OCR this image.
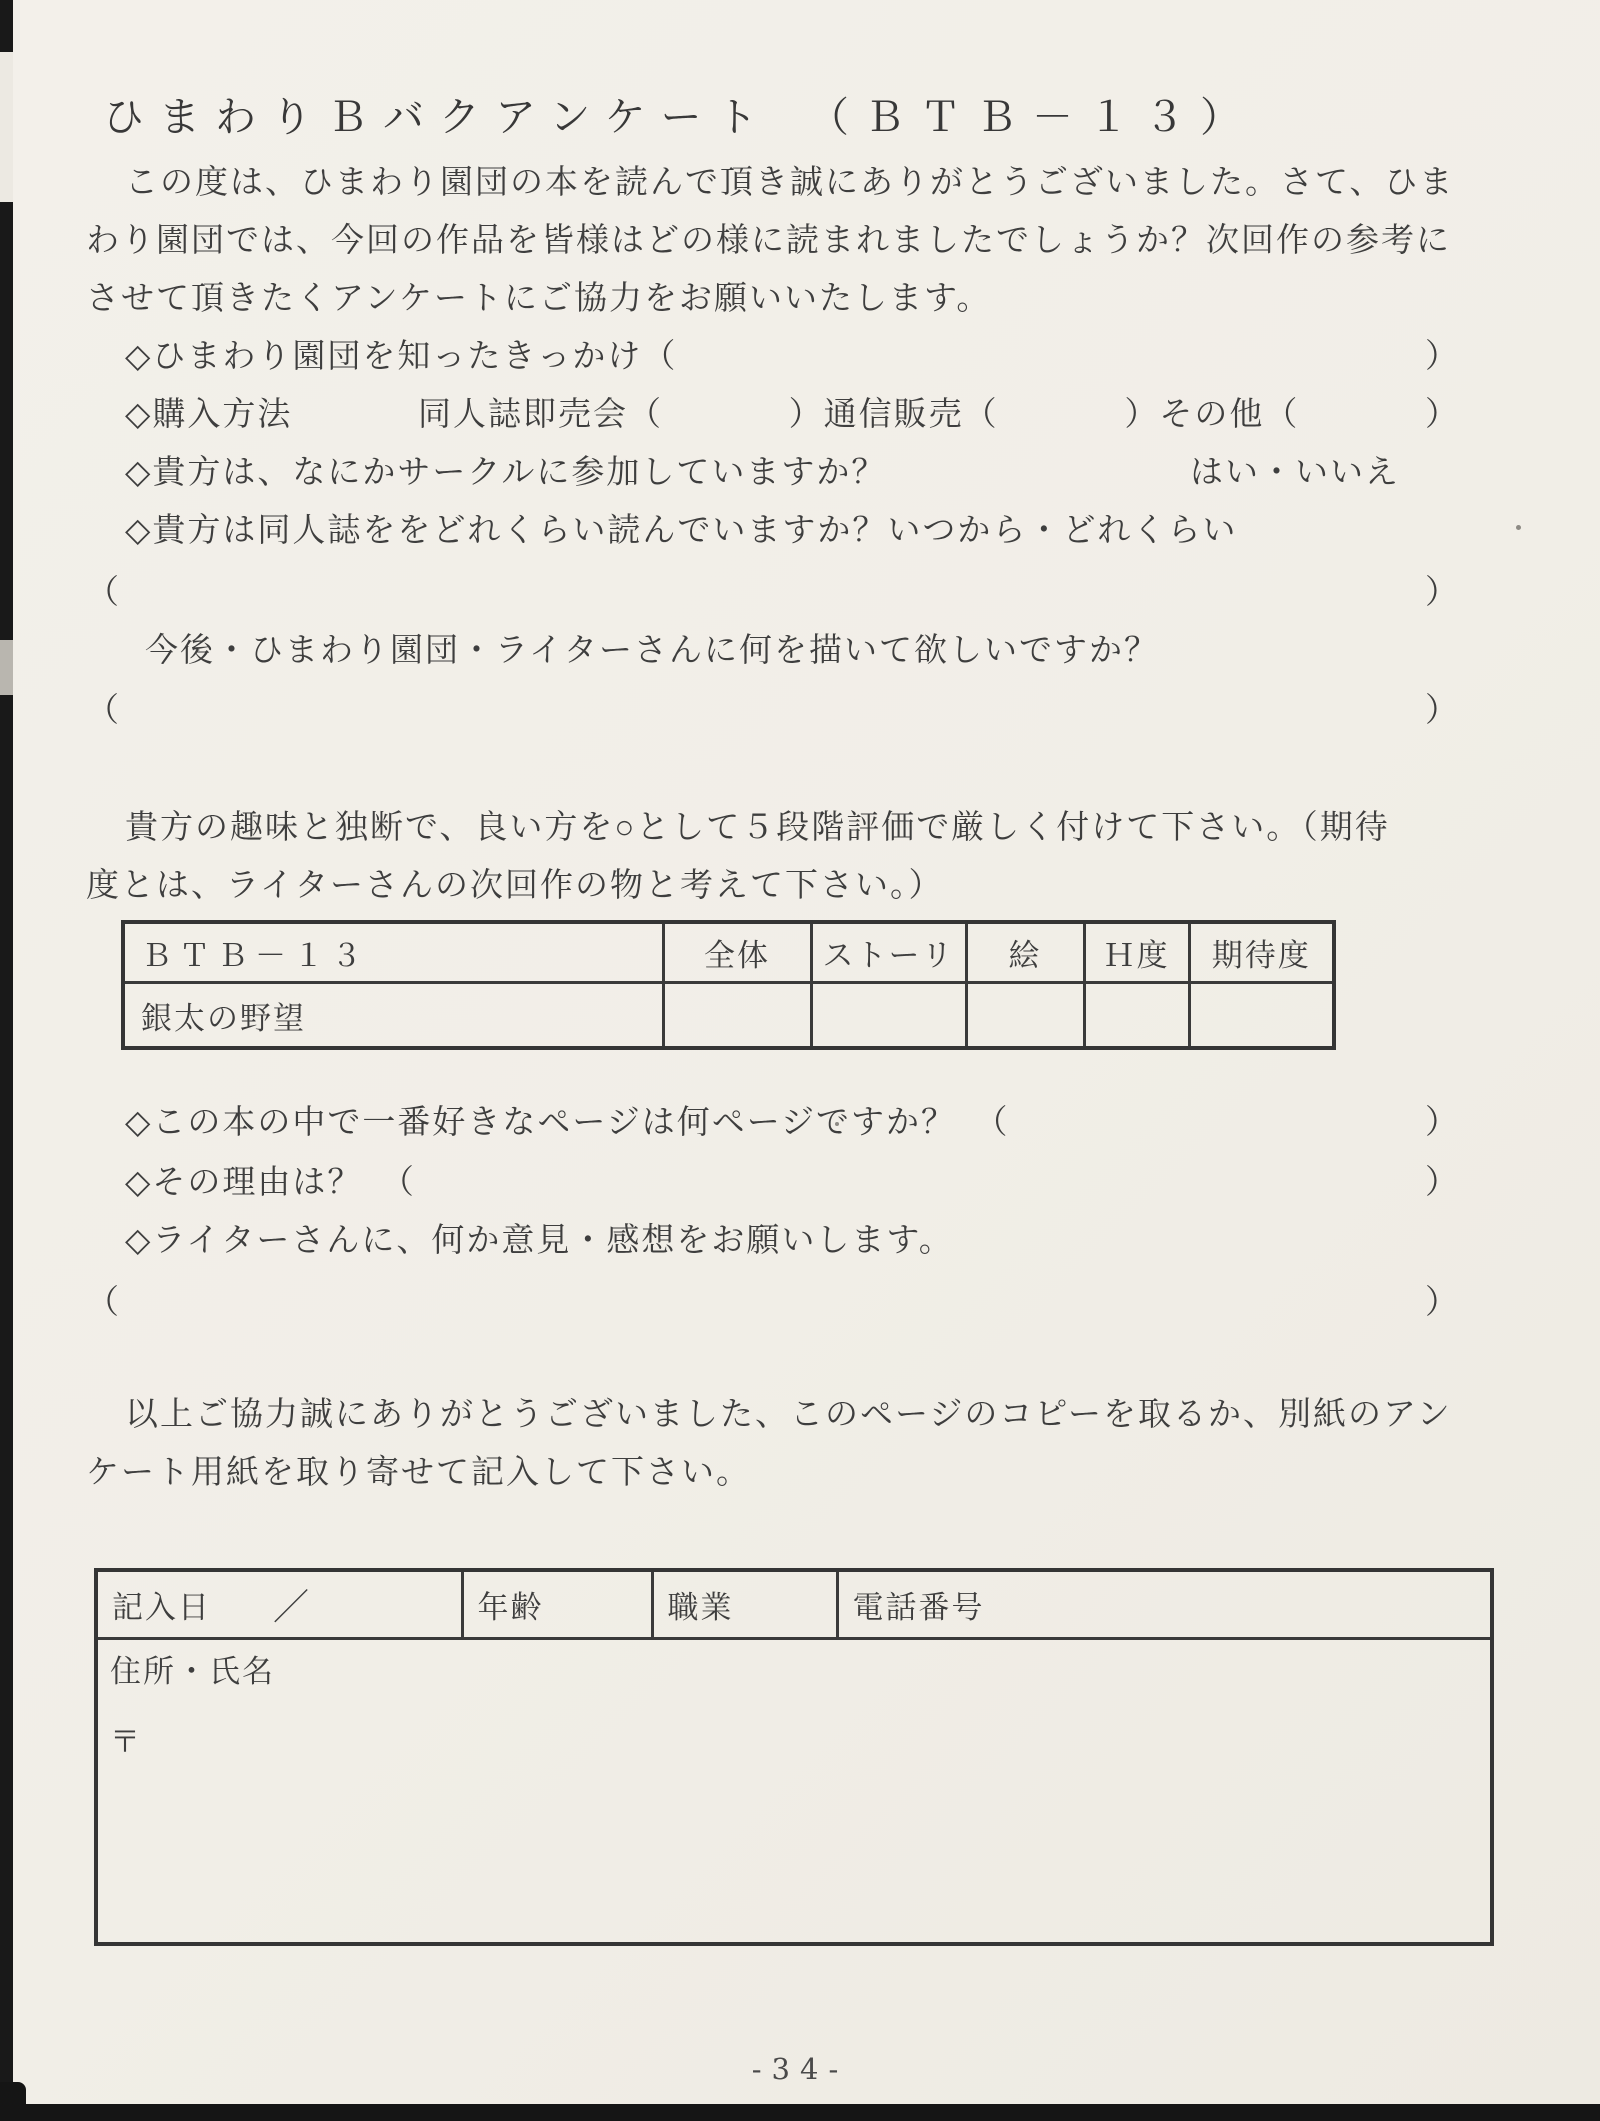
ひまわりＢバクアンケート　（ＢＴＢ－１３）
この度は、ひまわり園団の本を読んで頂き誠にありがとうございました。さて、ひま
わり園団では、今回の作品を皆様はどの様に読まれましたでしょうか？次回作の参考に
させて頂きたくアンケートにご協力をお願いいたします。
◇ひまわり園団を知ったきっかけ（	）
◇購入方法	同人誌即売会（	）通信販売（	）その他（	）
◇貴方は、なにかサークルに参加していますか？	はい・いいえ
◇貴方は同人誌ををどれくらい読んでいますか？いつから・どれくらい
（	）
今後・ひまわり園団・ライターさんに何を描いて欲しいですか？
（	）
貴方の趣味と独断で、良い方を○として５段階評価で厳しく付けて下さい。（期待
度とは、ライターさんの次回作の物と考えて下さい。）
ＢＴＢ－１３	全体	ストーリ	絵	Ｈ度	期待度
銀太の野望					
◇この本の中で一番好きなページは何ページですか？　（	）
◇その理由は？　（	）
◇ライターさんに、何か意見・感想をお願いします。
（	）
以上ご協力誠にありがとうございました、このページのコピーを取るか、別紙のアン
ケート用紙を取り寄せて記入して下さい。
記入日 ／	年齢	職業	電話番号

住所・氏名
〒
-34-
